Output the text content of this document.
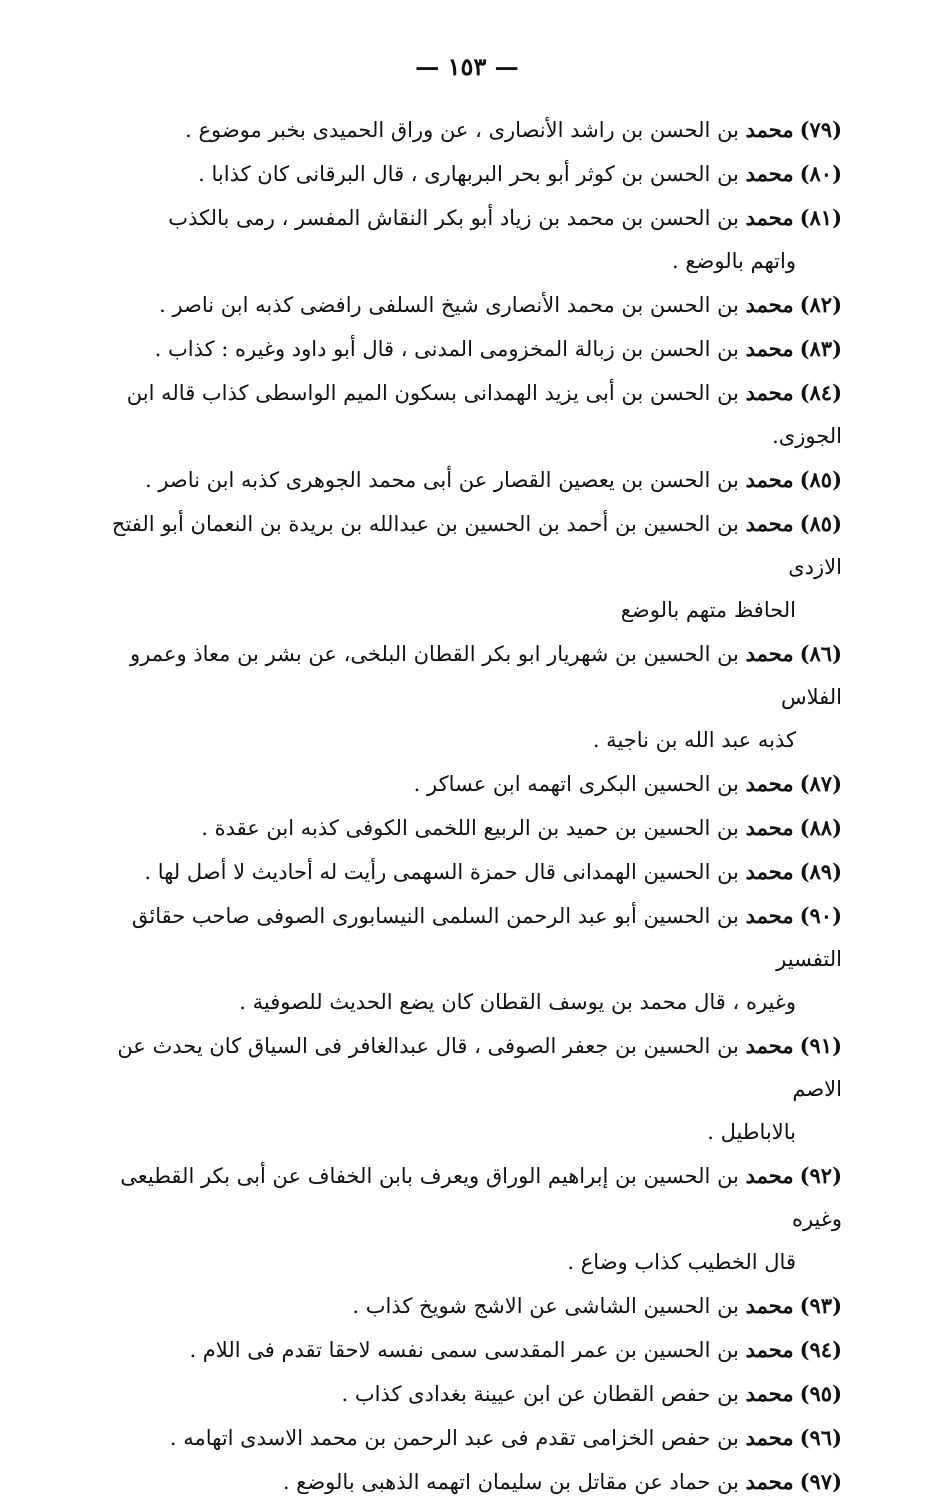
— ١٥٣ —

(٧٩)محمد بن الحسن بن راشد الأنصارى ، عن وراق الحميدى بخبر موضوع .

(٨٠)محمد بن الحسن بن كوثر أبو بحر البربهارى ، قال البرقانى كان كذابا .

(٨١)محمد بن الحسن بن محمد بن زياد أبو بكر النقاش المفسر ، رمى بالكذب
واتهم بالوضع .

(٨٢)محمد بن الحسن بن محمد الأنصارى شيخ السلفى رافضى كذبه ابن ناصر .

(٨٣)محمد بن الحسن بن زبالة المخزومى المدنى ، قال أبو داود وغيره : كذاب .

(٨٤)محمد بن الحسن بن أبى يزيد الهمدانى بسكون الميم الواسطى كذاب قاله ابن الجوزى.

(٨٥)محمد بن الحسن بن يعصين القصار عن أبى محمد الجوهرى كذبه ابن ناصر .

(٨٥)محمد بن الحسين بن أحمد بن الحسين بن عبدالله بن بريدة بن النعمان أبو الفتح الازدى
الحافظ متهم بالوضع

(٨٦)محمد بن الحسين بن شهريار ابو بكر القطان البلخى، عن بشر بن معاذ وعمرو الفلاس
كذبه عبد الله بن ناجية .

(٨٧)محمد بن الحسين البكرى اتهمه ابن عساكر .

(٨٨)محمد بن الحسين بن حميد بن الربيع اللخمى الكوفى كذبه ابن عقدة .

(٨٩)محمد بن الحسين الهمدانى قال حمزة السهمى رأيت له أحاديث لا أصل لها .

(٩٠)محمد بن الحسين أبو عبد الرحمن السلمى النيسابورى الصوفى صاحب حقائق التفسير
وغيره ، قال محمد بن يوسف القطان كان يضع الحديث للصوفية .

(٩١)محمد بن الحسين بن جعفر الصوفى ، قال عبدالغافر فى السياق كان يحدث عن الاصم
بالاباطيل .

(٩٢)محمد بن الحسين بن إبراهيم الوراق ويعرف بابن الخفاف عن أبى بكر القطيعى وغيره
قال الخطيب كذاب وضاع .

(٩٣)محمد بن الحسين الشاشى عن الاشج شويخ كذاب .

(٩٤)محمد بن الحسين بن عمر المقدسى سمى نفسه لاحقا تقدم فى اللام .

(٩٥)محمد بن حفص القطان عن ابن عيينة بغدادى كذاب .

(٩٦)محمد بن حفص الخزامى تقدم فى عبد الرحمن بن محمد الاسدى اتهامه .

(٩٧)محمد بن حماد عن مقاتل بن سليمان اتهمه الذهبى بالوضع .
